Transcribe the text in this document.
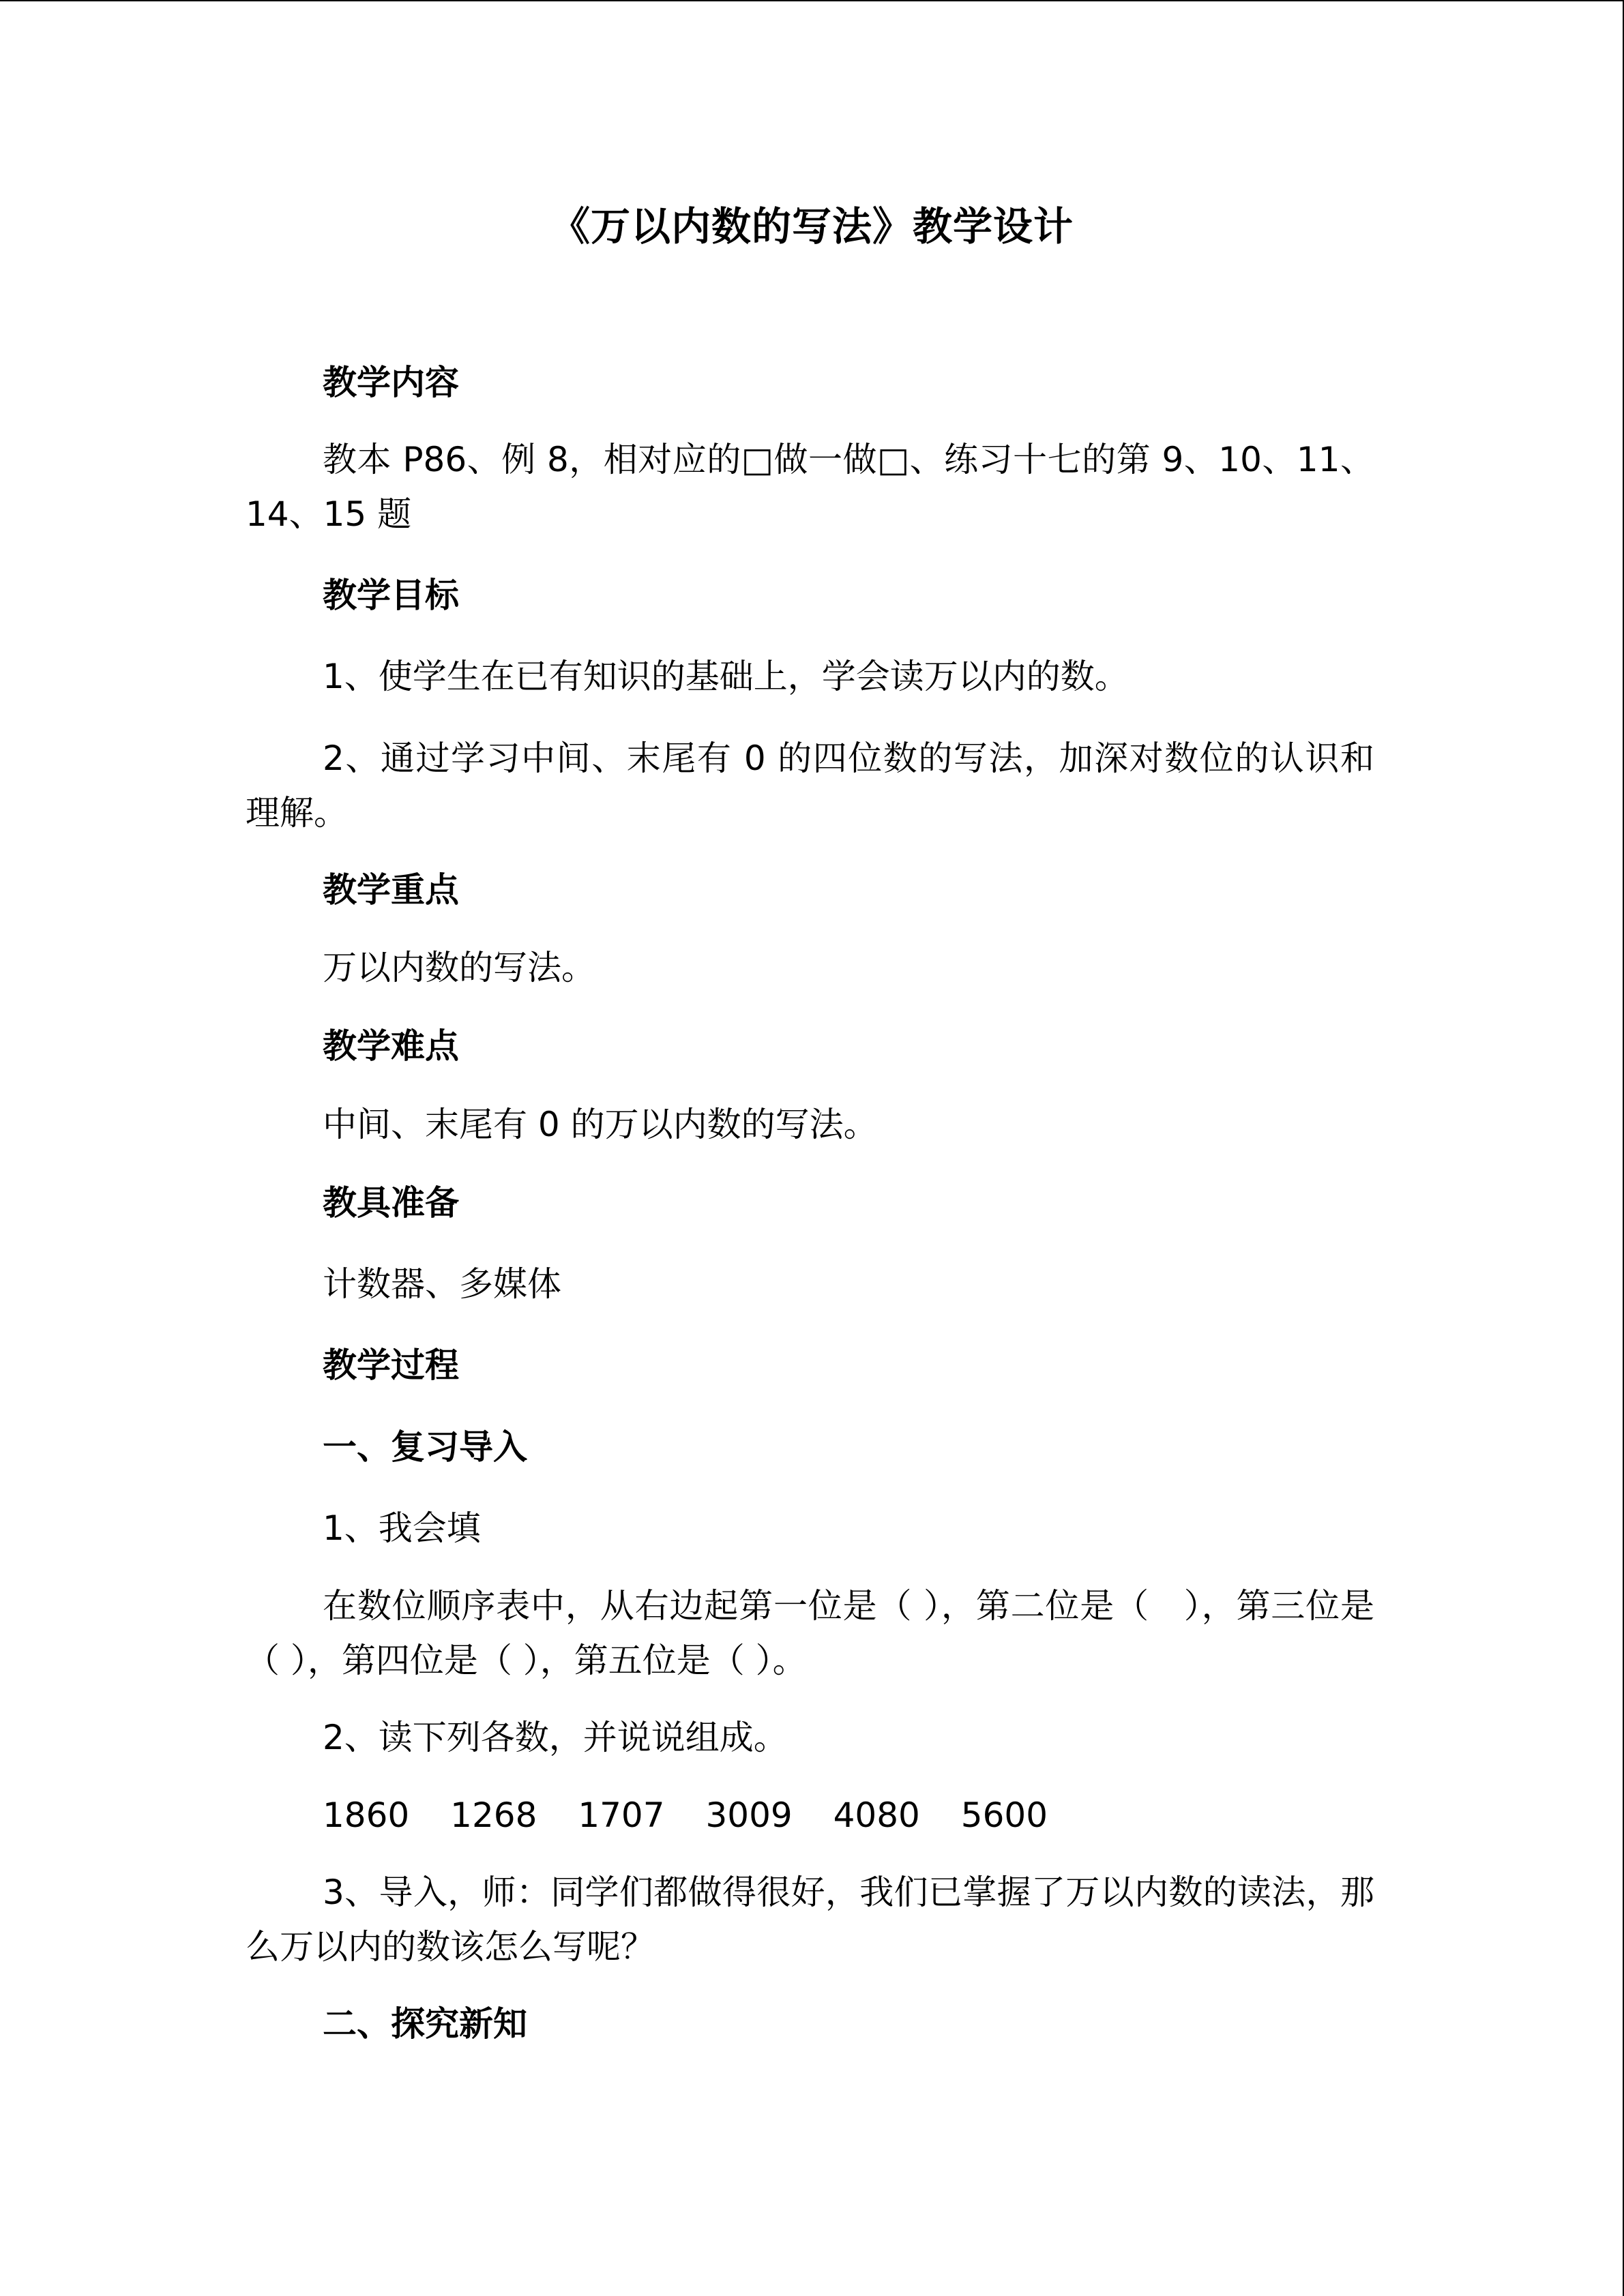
《万以内数的写法》教学设计
教学内容
教本 P86、例 8，相对应的□做一做□、练习十七的第 9、10、11、14、15 题
教学目标
1、使学生在已有知识的基础上，学会读万以内的数。
2、通过学习中间、末尾有 0 的四位数的写法，加深对数位的认识和理解。
教学重点
万以内数的写法。
教学难点
中间、末尾有 0 的万以内数的写法。
教具准备
计数器、多媒体
教学过程
一、复习导入
1、我会填
在数位顺序表中，从右边起第一位是（ ），第二位是（　），第三位是（ ），第四位是（ ），第五位是（ ）。
2、读下列各数，并说说组成。
1860 1268 1707 3009 4080 5600
3、导入，师：同学们都做得很好，我们已掌握了万以内数的读法，那么万以内的数该怎么写呢？
二、探究新知
